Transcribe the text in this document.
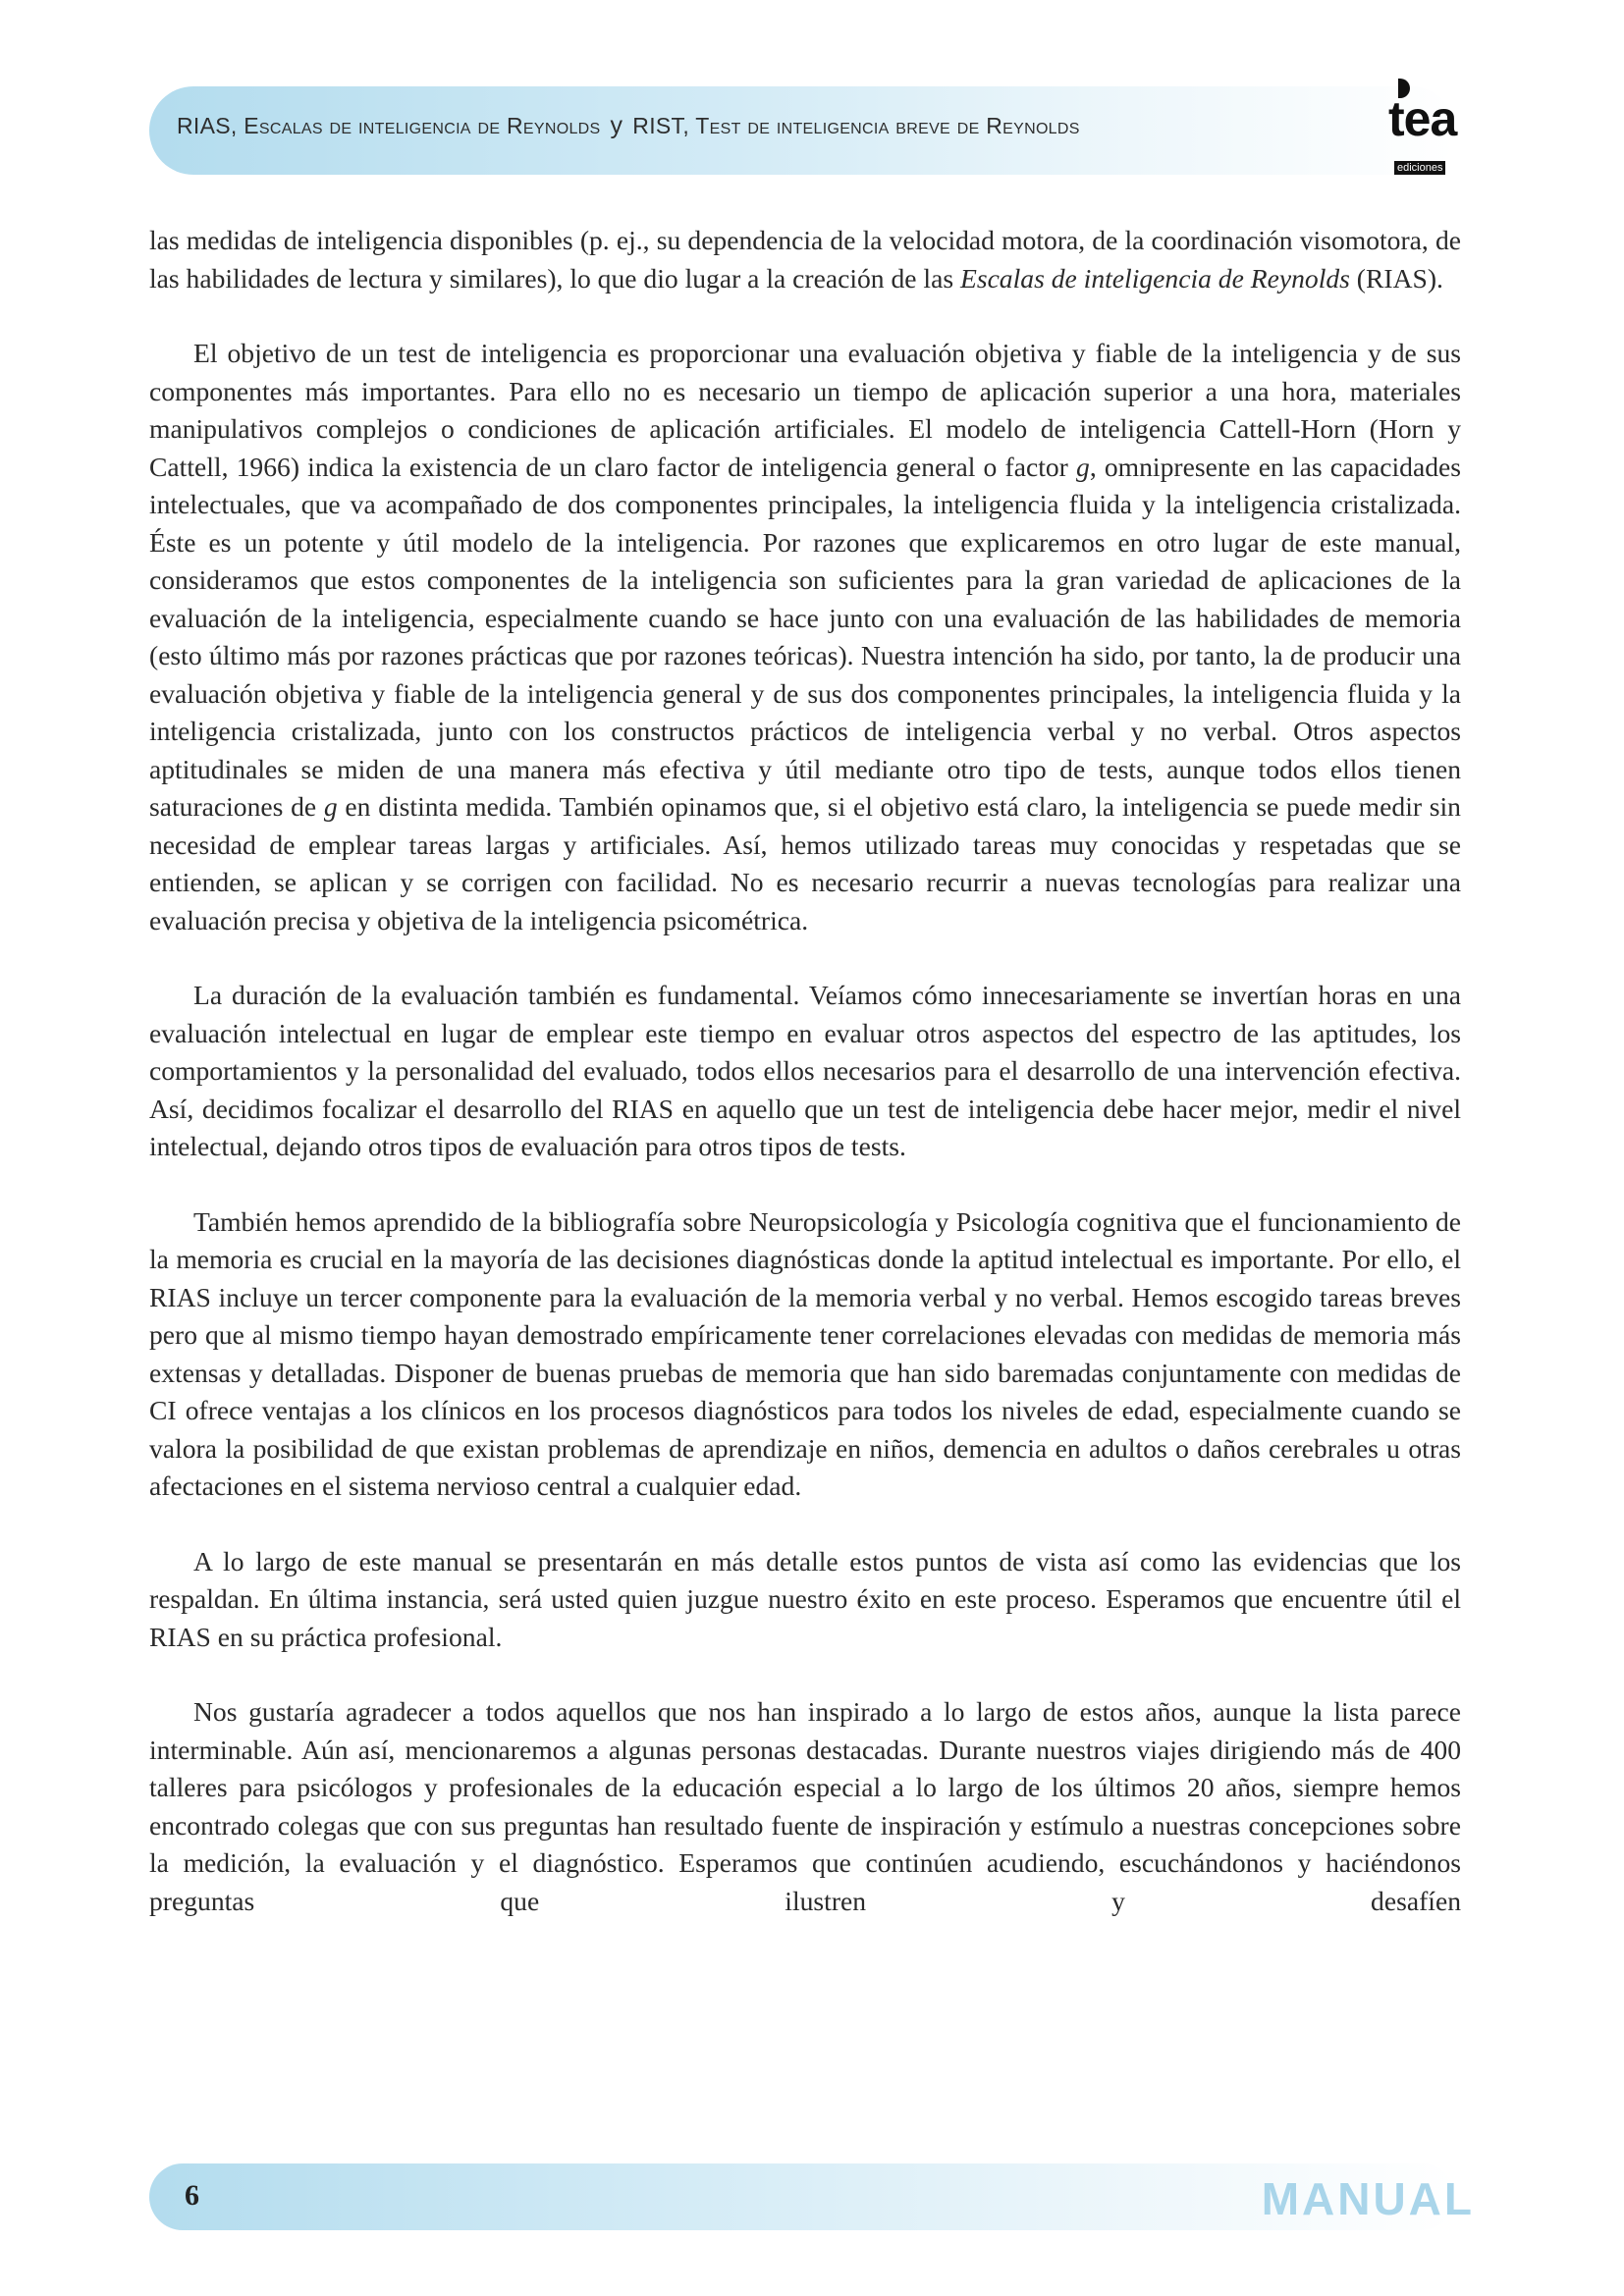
RIAS, Escalas de inteligencia de Reynolds y RIST, Test de inteligencia breve de Reynolds	tea
ediciones

las medidas de inteligencia disponibles (p. ej., su dependencia de la velocidad motora, de la coordinación visomotora, de las habilidades de lectura y similares), lo que dio lugar a la creación de las Escalas de inteligencia de Reynolds (RIAS).

El objetivo de un test de inteligencia es proporcionar una evaluación objetiva y fiable de la inteligencia y de sus componentes más importantes. Para ello no es necesario un tiempo de aplicación superior a una hora, materiales manipulativos complejos o condiciones de aplicación artificiales. El modelo de inteligencia Cattell-Horn (Horn y Cattell, 1966) indica la existencia de un claro factor de inteligencia general o factor g, omnipresente en las capacidades intelectuales, que va acompañado de dos componentes principales, la inteligencia fluida y la inteligencia cristalizada. Éste es un potente y útil modelo de la inteligencia. Por razones que explicaremos en otro lugar de este manual, consideramos que estos componentes de la inteligencia son suficientes para la gran variedad de aplicaciones de la evaluación de la inteligencia, especialmente cuando se hace junto con una evaluación de las habilidades de memoria (esto último más por razones prácticas que por razones teóricas). Nuestra intención ha sido, por tanto, la de producir una evaluación objetiva y fiable de la inteligencia general y de sus dos componentes principales, la inteligencia fluida y la inteligencia cristalizada, junto con los constructos prácticos de inteligencia verbal y no verbal. Otros aspectos aptitudinales se miden de una manera más efectiva y útil mediante otro tipo de tests, aunque todos ellos tienen saturaciones de g en distinta medida. También opinamos que, si el objetivo está claro, la inteligencia se puede medir sin necesidad de emplear tareas largas y artificiales. Así, hemos utilizado tareas muy conocidas y respetadas que se entienden, se aplican y se corrigen con facilidad. No es necesario recurrir a nuevas tecnologías para realizar una evaluación precisa y objetiva de la inteligencia psicométrica.

La duración de la evaluación también es fundamental. Veíamos cómo innecesariamente se invertían horas en una evaluación intelectual en lugar de emplear este tiempo en evaluar otros aspectos del espectro de las aptitudes, los comportamientos y la personalidad del evaluado, todos ellos necesarios para el desarrollo de una intervención efectiva. Así, decidimos focalizar el desarrollo del RIAS en aquello que un test de inteligencia debe hacer mejor, medir el nivel intelectual, dejando otros tipos de evaluación para otros tipos de tests.

También hemos aprendido de la bibliografía sobre Neuropsicología y Psicología cognitiva que el funcionamiento de la memoria es crucial en la mayoría de las decisiones diagnósticas donde la aptitud intelectual es importante. Por ello, el RIAS incluye un tercer componente para la evaluación de la memoria verbal y no verbal. Hemos escogido tareas breves pero que al mismo tiempo hayan demostrado empíricamente tener correlaciones elevadas con medidas de memoria más extensas y detalladas. Disponer de buenas pruebas de memoria que han sido baremadas conjuntamente con medidas de CI ofrece ventajas a los clínicos en los procesos diagnósticos para todos los niveles de edad, especialmente cuando se valora la posibilidad de que existan problemas de aprendizaje en niños, demencia en adultos o daños cerebrales u otras afectaciones en el sistema nervioso central a cualquier edad.

A lo largo de este manual se presentarán en más detalle estos puntos de vista así como las evidencias que los respaldan. En última instancia, será usted quien juzgue nuestro éxito en este proceso. Esperamos que encuentre útil el RIAS en su práctica profesional.

Nos gustaría agradecer a todos aquellos que nos han inspirado a lo largo de estos años, aunque la lista parece interminable. Aún así, mencionaremos a algunas personas destacadas. Durante nuestros viajes dirigiendo más de 400 talleres para psicólogos y profesionales de la educación especial a lo largo de los últimos 20 años, siempre hemos encontrado colegas que con sus preguntas han resultado fuente de inspiración y estímulo a nuestras concepciones sobre la medición, la evaluación y el diagnóstico. Esperamos que continúen acudiendo, escuchándonos y haciéndonos preguntas que ilustren y desafíen

6	MANUAL
